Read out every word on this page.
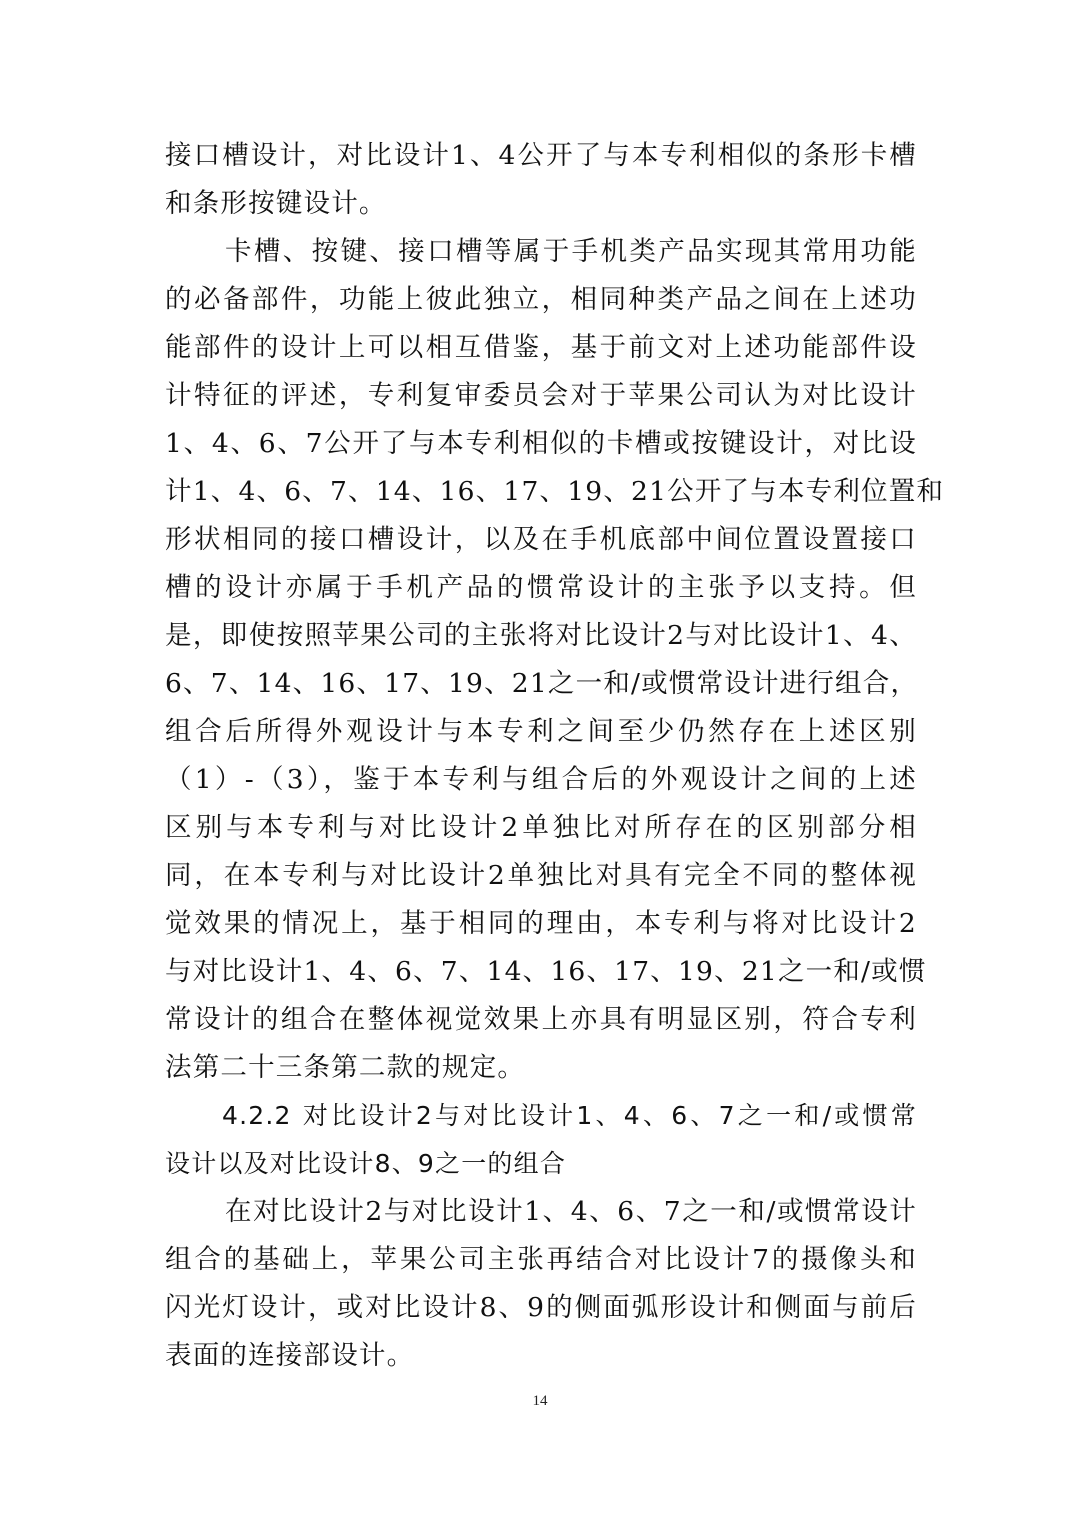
接口槽设计，对比设计1、4公开了与本专利相似的条形卡槽
和条形按键设计。
卡槽、按键、接口槽等属于手机类产品实现其常用功能
的必备部件，功能上彼此独立，相同种类产品之间在上述功
能部件的设计上可以相互借鉴，基于前文对上述功能部件设
计特征的评述，专利复审委员会对于苹果公司认为对比设计
1、4、6、7公开了与本专利相似的卡槽或按键设计，对比设
计1、4、6、7、14、16、17、19、21公开了与本专利位置和
形状相同的接口槽设计，以及在手机底部中间位置设置接口
槽的设计亦属于手机产品的惯常设计的主张予以支持。但
是，即使按照苹果公司的主张将对比设计2与对比设计1、4、
6、7、14、16、17、19、21之一和/或惯常设计进行组合，
组合后所得外观设计与本专利之间至少仍然存在上述区别
（1）-（3），鉴于本专利与组合后的外观设计之间的上述
区别与本专利与对比设计2单独比对所存在的区别部分相
同，在本专利与对比设计2单独比对具有完全不同的整体视
觉效果的情况上，基于相同的理由，本专利与将对比设计2
与对比设计1、4、6、7、14、16、17、19、21之一和/或惯
常设计的组合在整体视觉效果上亦具有明显区别，符合专利
法第二十三条第二款的规定。
4.2.2 对比设计2与对比设计1、4、6、7之一和/或惯常
设计以及对比设计8、9之一的组合
在对比设计2与对比设计1、4、6、7之一和/或惯常设计
组合的基础上，苹果公司主张再结合对比设计7的摄像头和
闪光灯设计，或对比设计8、9的侧面弧形设计和侧面与前后
表面的连接部设计。
14
